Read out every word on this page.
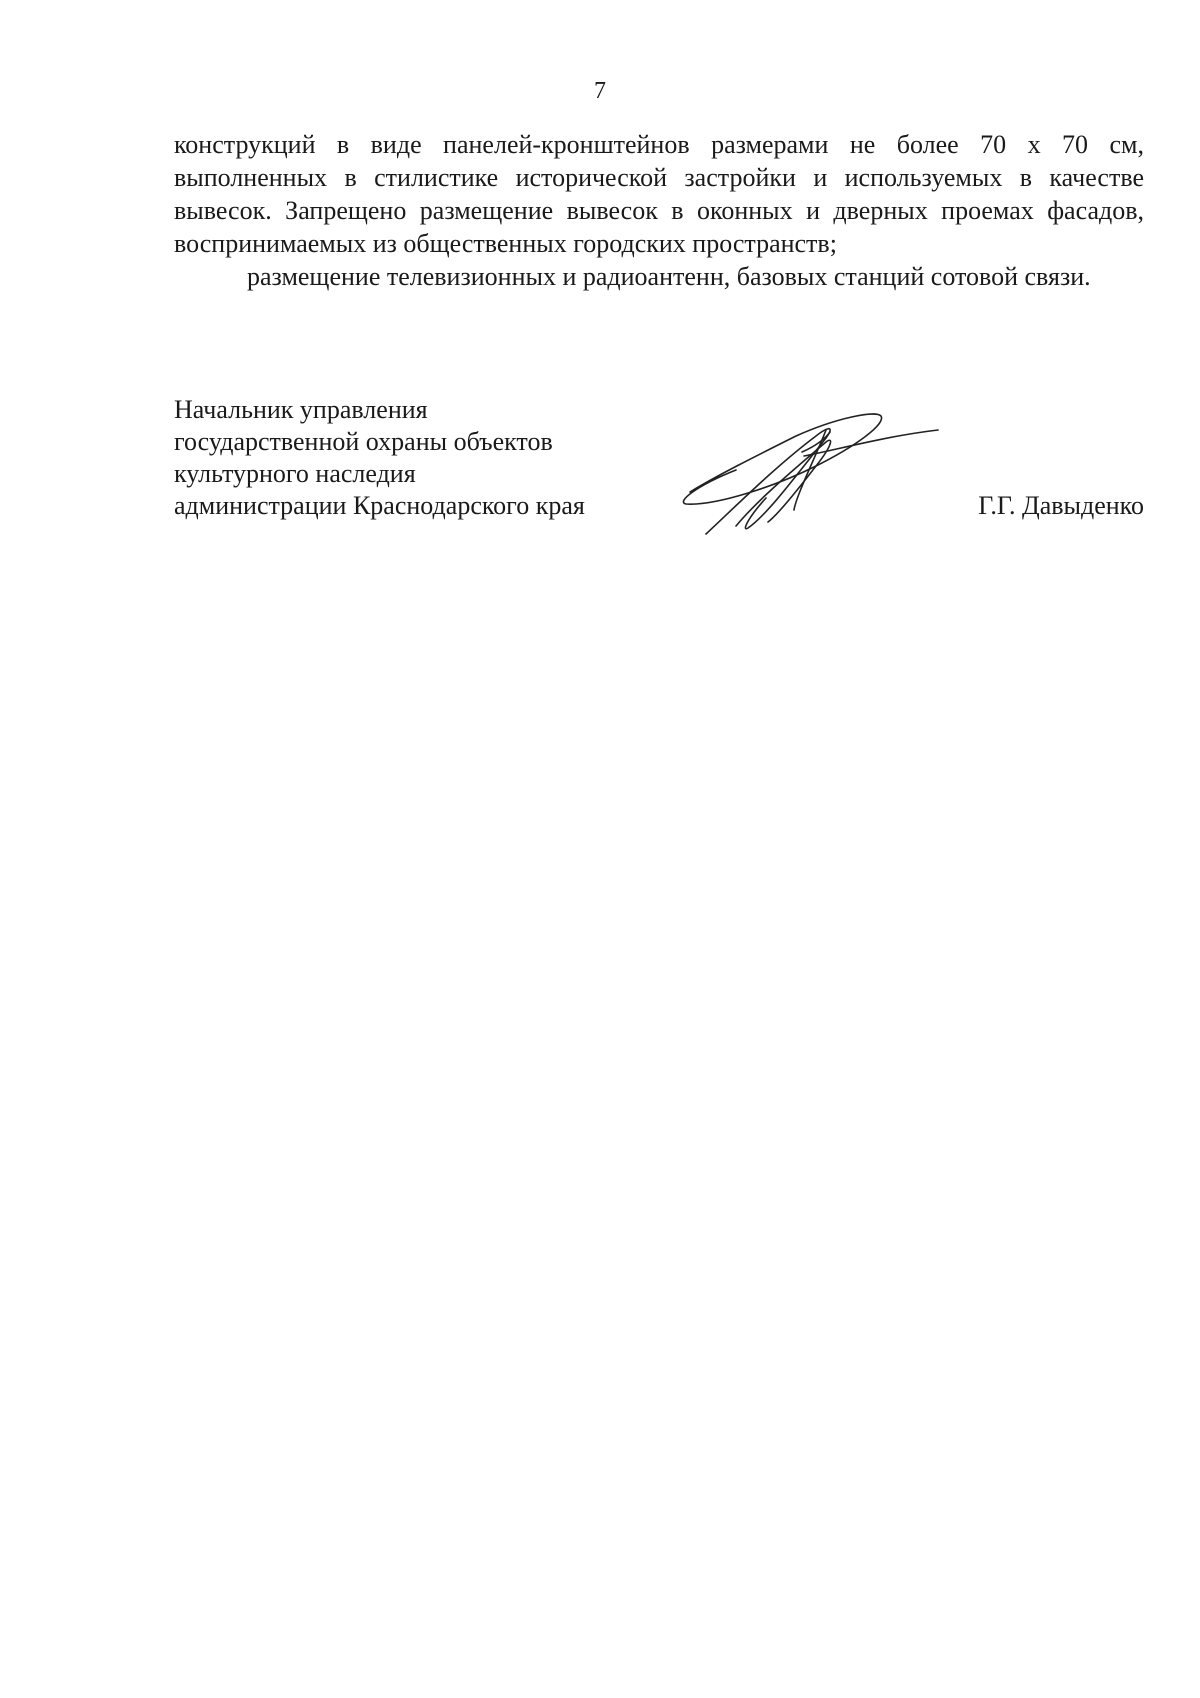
7

конструкций в виде панелей-кронштейнов размерами не более 70 х 70 см, выполненных в стилистике исторической застройки и используемых в качестве вывесок. Запрещено размещение вывесок в оконных и дверных проемах фасадов, воспринимаемых из общественных городских пространств;

размещение телевизионных и радиоантенн, базовых станций сотовой связи.

Начальник управления
государственной охраны объектов
культурного наследия
администрации Краснодарского края	Г.Г. Давыденко
